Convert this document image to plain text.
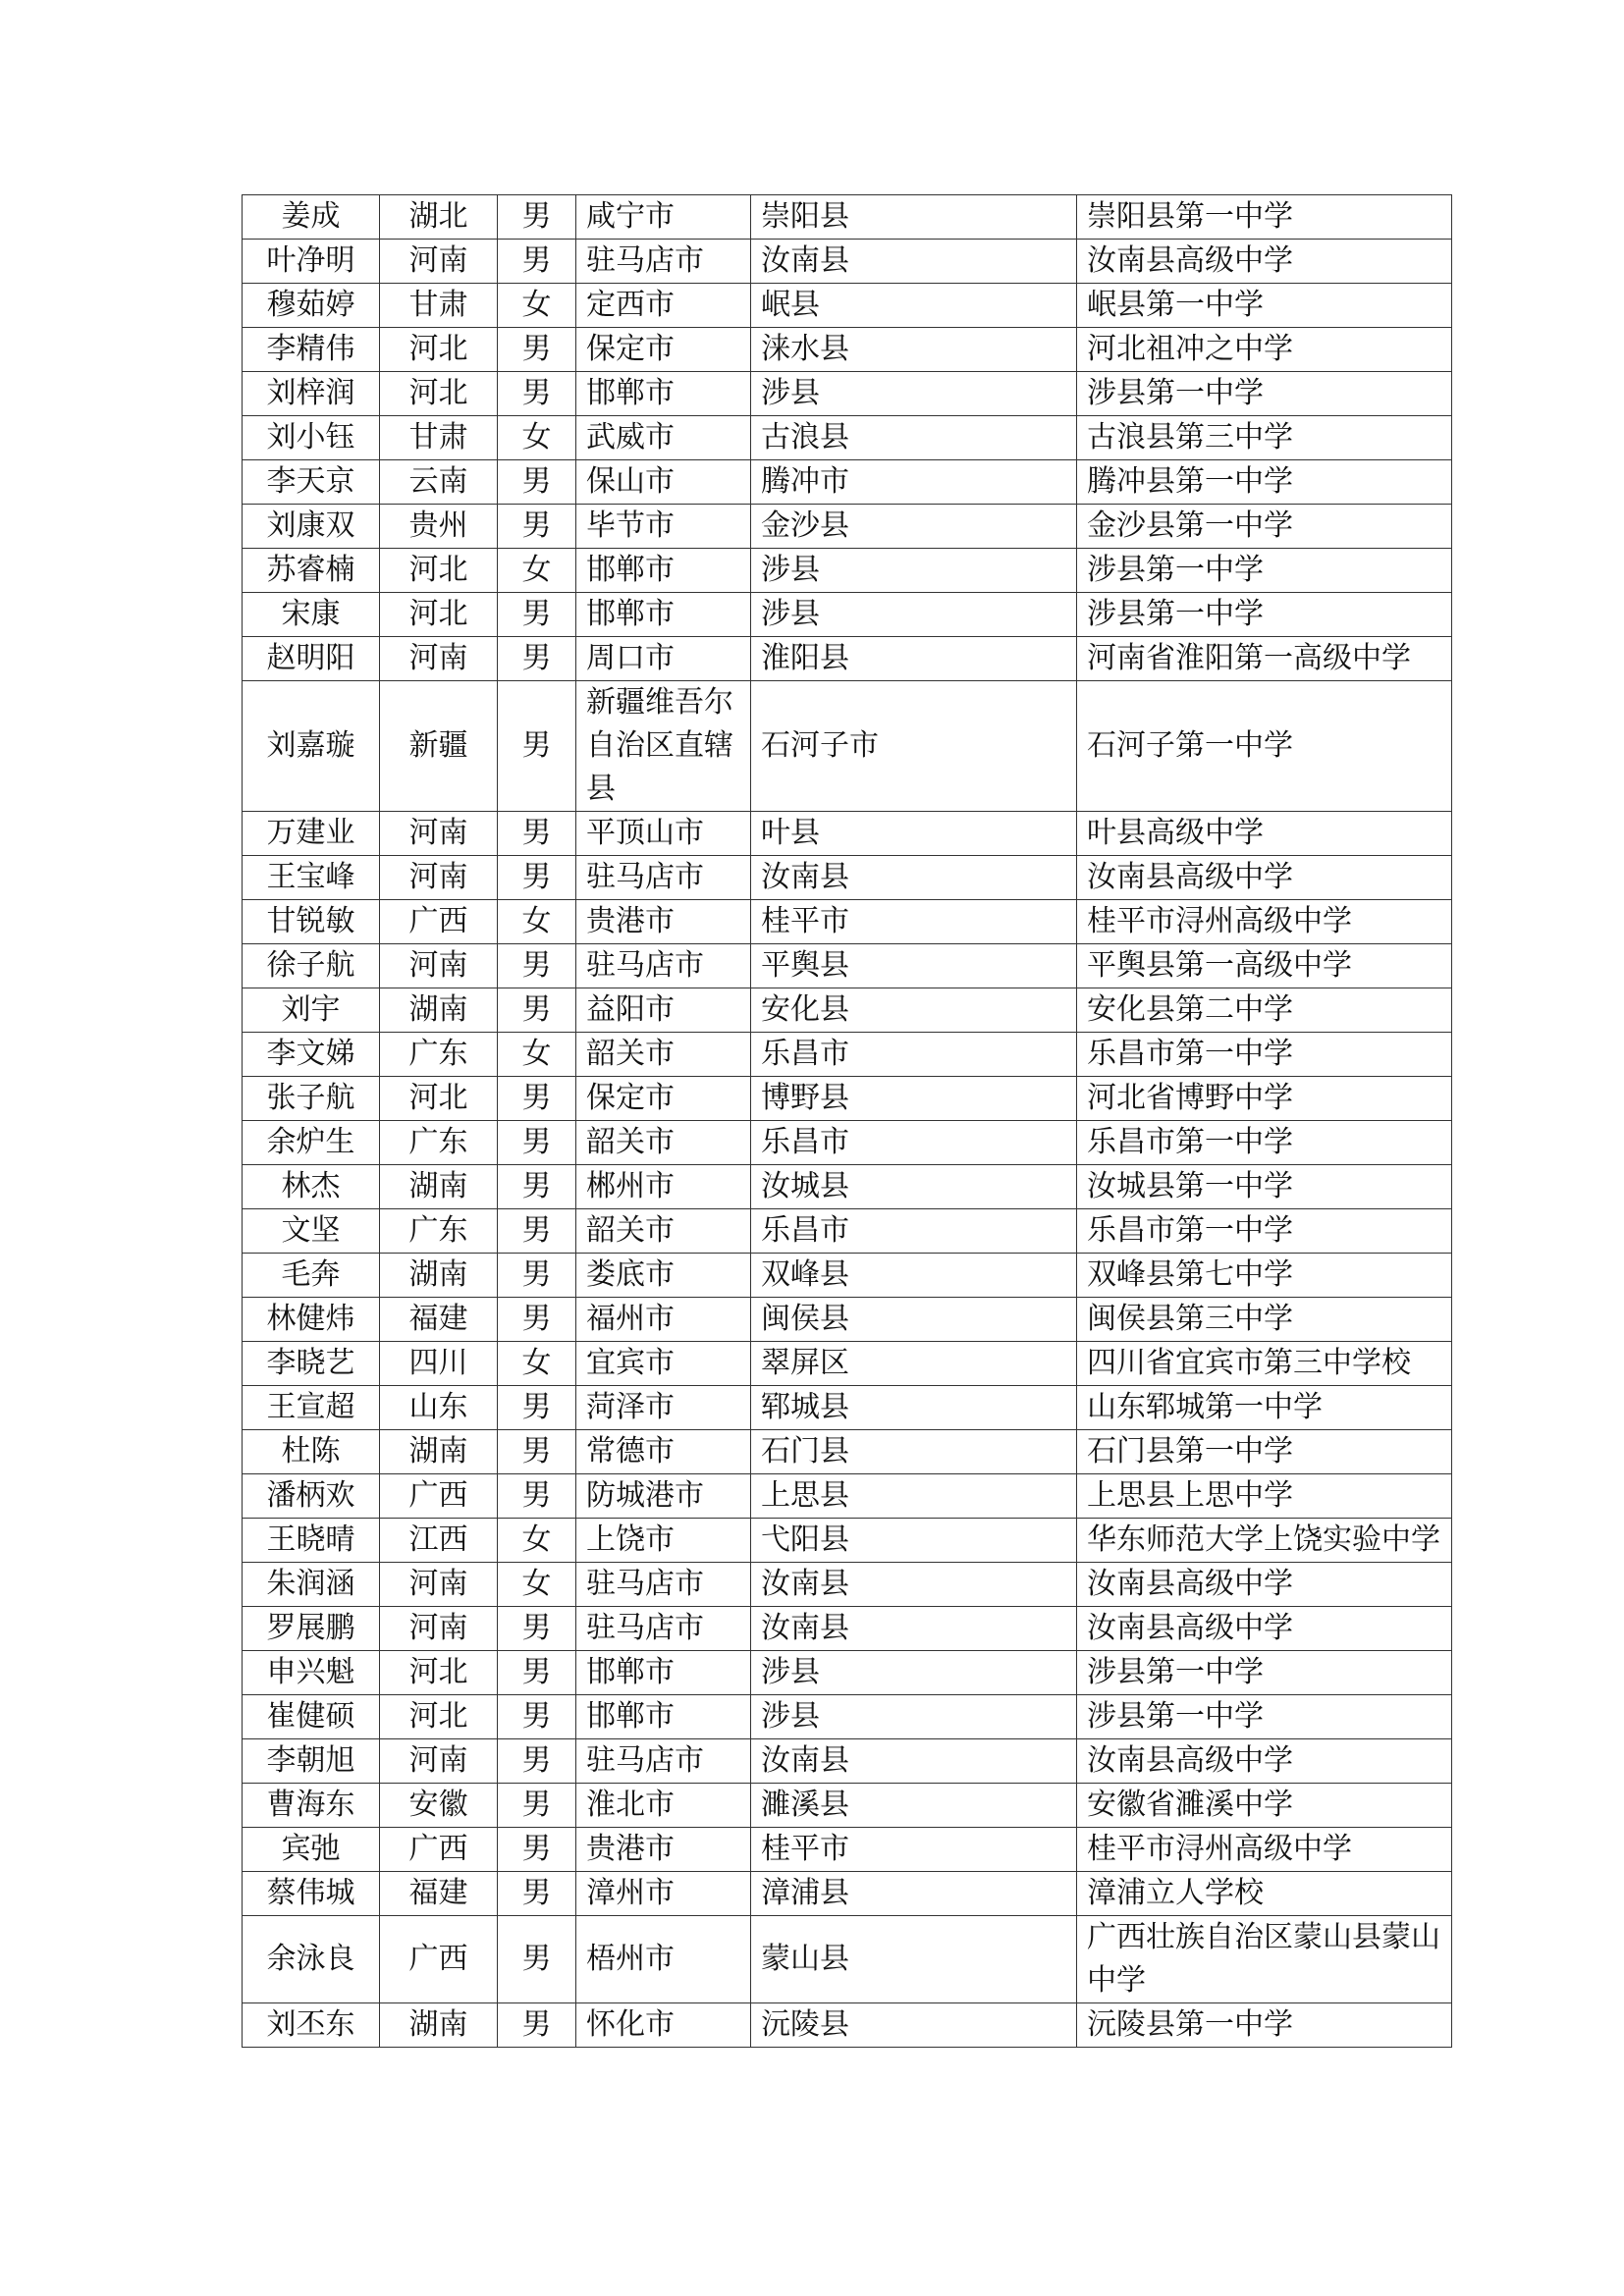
姜成	湖北	男	咸宁市	崇阳县	崇阳县第一中学
叶净明	河南	男	驻马店市	汝南县	汝南县高级中学
穆茹婷	甘肃	女	定西市	岷县	岷县第一中学
李精伟	河北	男	保定市	涞水县	河北祖冲之中学
刘梓润	河北	男	邯郸市	涉县	涉县第一中学
刘小钰	甘肃	女	武威市	古浪县	古浪县第三中学
李天京	云南	男	保山市	腾冲市	腾冲县第一中学
刘康双	贵州	男	毕节市	金沙县	金沙县第一中学
苏睿楠	河北	女	邯郸市	涉县	涉县第一中学
宋康	河北	男	邯郸市	涉县	涉县第一中学
赵明阳	河南	男	周口市	淮阳县	河南省淮阳第一高级中学
刘嘉璇	新疆	男	新疆维吾尔自治区直辖县	石河子市	石河子第一中学
万建业	河南	男	平顶山市	叶县	叶县高级中学
王宝峰	河南	男	驻马店市	汝南县	汝南县高级中学
甘锐敏	广西	女	贵港市	桂平市	桂平市浔州高级中学
徐子航	河南	男	驻马店市	平舆县	平舆县第一高级中学
刘宇	湖南	男	益阳市	安化县	安化县第二中学
李文娣	广东	女	韶关市	乐昌市	乐昌市第一中学
张子航	河北	男	保定市	博野县	河北省博野中学
余炉生	广东	男	韶关市	乐昌市	乐昌市第一中学
林杰	湖南	男	郴州市	汝城县	汝城县第一中学
文坚	广东	男	韶关市	乐昌市	乐昌市第一中学
毛奔	湖南	男	娄底市	双峰县	双峰县第七中学
林健炜	福建	男	福州市	闽侯县	闽侯县第三中学
李晓艺	四川	女	宜宾市	翠屏区	四川省宜宾市第三中学校
王宣超	山东	男	菏泽市	郓城县	山东郓城第一中学
杜陈	湖南	男	常德市	石门县	石门县第一中学
潘柄欢	广西	男	防城港市	上思县	上思县上思中学
王晓晴	江西	女	上饶市	弋阳县	华东师范大学上饶实验中学
朱润涵	河南	女	驻马店市	汝南县	汝南县高级中学
罗展鹏	河南	男	驻马店市	汝南县	汝南县高级中学
申兴魁	河北	男	邯郸市	涉县	涉县第一中学
崔健硕	河北	男	邯郸市	涉县	涉县第一中学
李朝旭	河南	男	驻马店市	汝南县	汝南县高级中学
曹海东	安徽	男	淮北市	濉溪县	安徽省濉溪中学
宾弛	广西	男	贵港市	桂平市	桂平市浔州高级中学
蔡伟城	福建	男	漳州市	漳浦县	漳浦立人学校
余泳良	广西	男	梧州市	蒙山县	广西壮族自治区蒙山县蒙山中学
刘丕东	湖南	男	怀化市	沅陵县	沅陵县第一中学
